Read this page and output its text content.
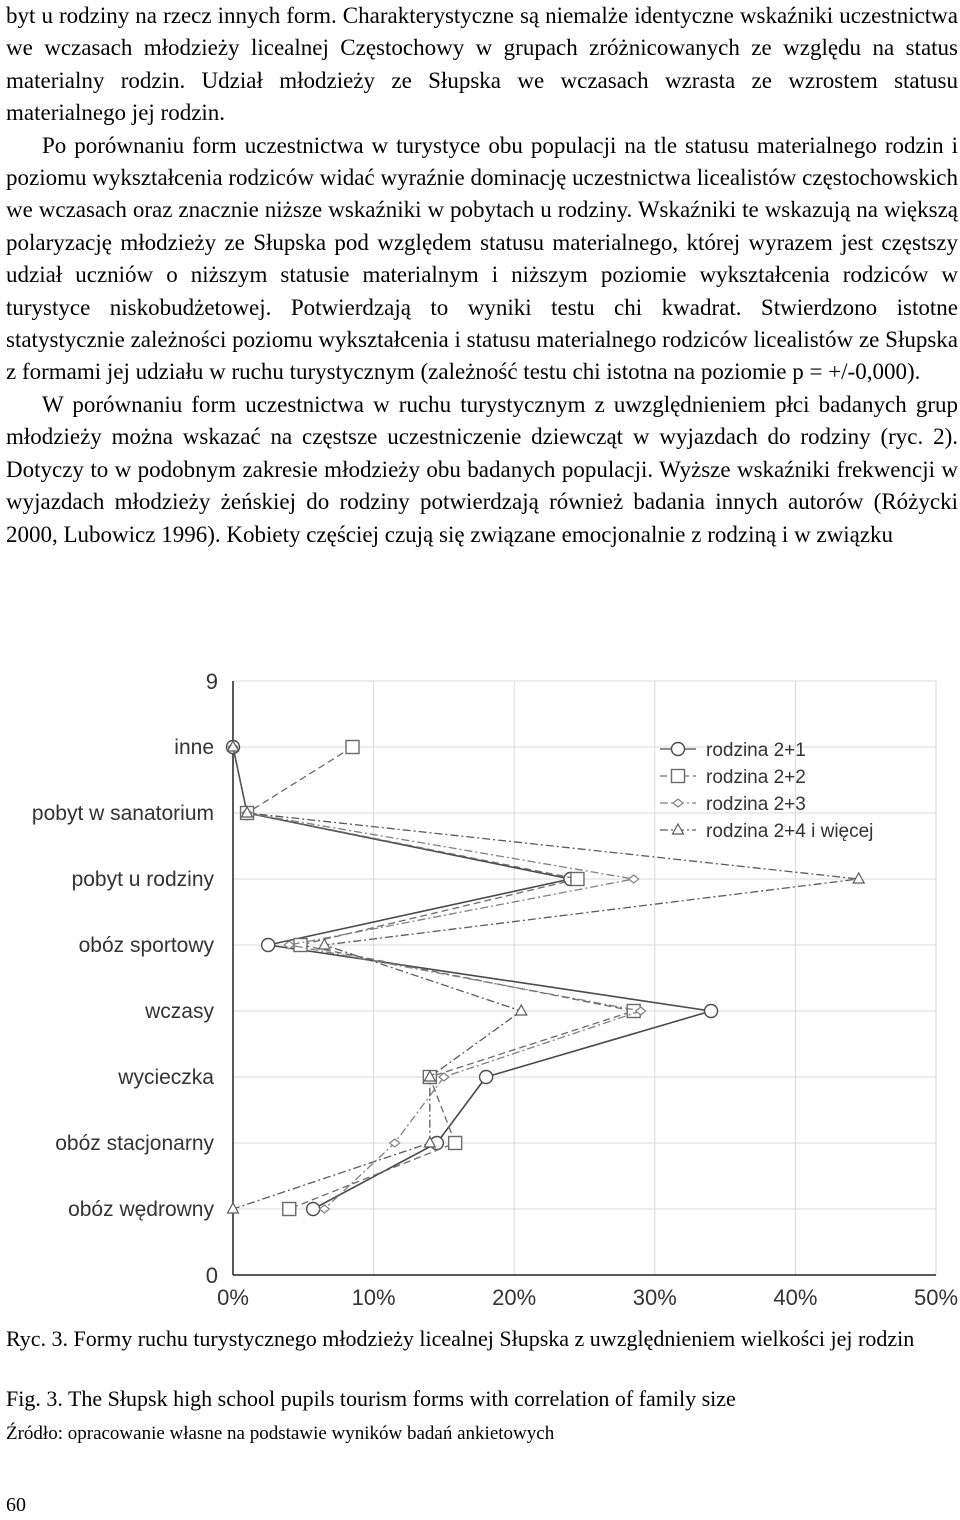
byt u rodziny na rzecz innych form. Charakterystyczne są niemalże identyczne wskaźniki uczestnictwa we wczasach młodzieży licealnej Częstochowy w grupach zróżnicowanych ze względu na status materialny rodzin. Udział młodzieży ze Słupska we wczasach wzrasta ze wzrostem statusu materialnego jej rodzin.

Po porównaniu form uczestnictwa w turystyce obu populacji na tle statusu materialnego rodzin i poziomu wykształcenia rodziców widać wyraźnie dominację uczestnictwa licealistów częstochowskich we wczasach oraz znacznie niższe wskaźniki w pobytach u rodziny. Wskaźniki te wskazują na większą polaryzację młodzieży ze Słupska pod względem statusu materialnego, której wyrazem jest częstszy udział uczniów o niższym statusie materialnym i niższym poziomie wykształcenia rodziców w turystyce niskobudżetowej. Potwierdzają to wyniki testu chi kwadrat. Stwierdzono istotne statystycznie zależności poziomu wykształcenia i statusu materialnego rodziców licealistów ze Słupska z formami jej udziału w ruchu turystycznym (zależność testu chi istotna na poziomie p = +/-0,000).

W porównaniu form uczestnictwa w ruchu turystycznym z uwzględnieniem płci badanych grup młodzieży można wskazać na częstsze uczestniczenie dziewcząt w wyjazdach do rodziny (ryc. 2). Dotyczy to w podobnym zakresie młodzieży obu badanych populacji. Wyższe wskaźniki frekwencji w wyjazdach młodzieży żeńskiej do rodziny potwierdzają również badania innych autorów (Różycki 2000, Lubowicz 1996). Kobiety częściej czują się związane emocjonalnie z rodziną i w związku

0%	10%	20%	30%	40%	50%
9
0
inne
pobyt w sanatorium
pobyt u rodziny
obóz sportowy
wczasy
wycieczka
obóz stacjonarny
obóz wędrowny
rodzina 2+1
rodzina 2+2
rodzina 2+3
rodzina 2+4 i więcej
Ryc. 3. Formy ruchu turystycznego młodzieży licealnej Słupska z uwzględnieniem wielkości jej rodzin
Fig. 3. The Słupsk high school pupils tourism forms with correlation of family size
Źródło: opracowanie własne na podstawie wyników badań ankietowych
60
